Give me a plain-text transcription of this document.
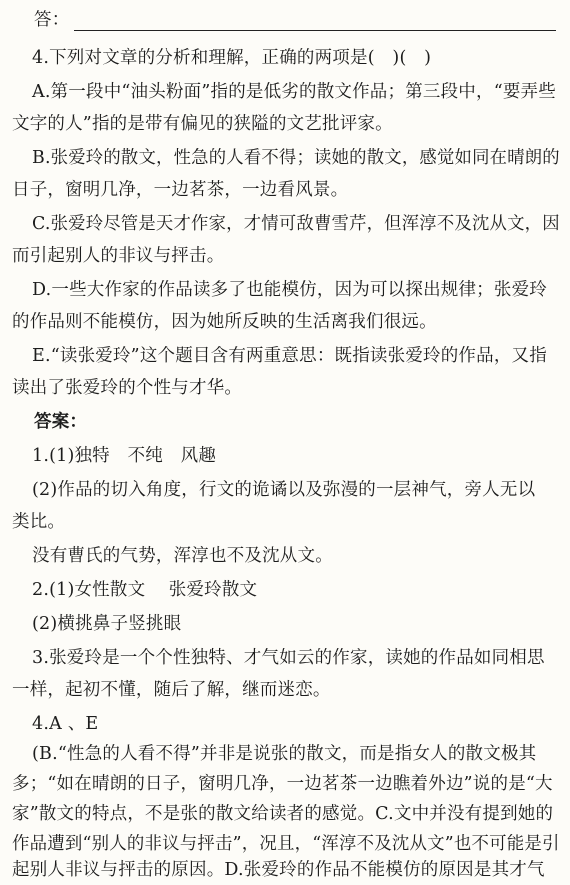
答：
4.下列对文章的分析和理解，正确的两项是(　)(　)
A.第一段中“油头粉面”指的是低劣的散文作品；第三段中，“要弄些
文字的人”指的是带有偏见的狭隘的文艺批评家。
B.张爱玲的散文，性急的人看不得；读她的散文，感觉如同在晴朗的
日子，窗明几净，一边茗茶，一边看风景。
C.张爱玲尽管是天才作家，才情可敌曹雪芹，但浑淳不及沈从文，因
而引起别人的非议与抨击。
D.一些大作家的作品读多了也能模仿，因为可以探出规律；张爱玲
的作品则不能模仿，因为她所反映的生活离我们很远。
E.“读张爱玲”这个题目含有两重意思：既指读张爱玲的作品，又指
读出了张爱玲的个性与才华。
答案：
1.(1)独特　不纯　风趣
(2)作品的切入角度，行文的诡谲以及弥漫的一层神气，旁人无以
类比。
没有曹氏的气势，浑淳也不及沈从文。
2.(1)女性散文　 张爱玲散文
(2)横挑鼻子竖挑眼
3.张爱玲是一个个性独特、才气如云的作家，读她的作品如同相思
一样，起初不懂，随后了解，继而迷恋。
4.A 、E
(B.“性急的人看不得”并非是说张的散文，而是指女人的散文极其
多；“如在晴朗的日子，窗明几净，一边茗茶一边瞧着外边”说的是“大
家”散文的特点，不是张的散文给读者的感觉。C.文中并没有提到她的
作品遭到“别人的非议与抨击”，况且，“浑淳不及沈从文”也不可能是引
起别人非议与抨击的原因。D.张爱玲的作品不能模仿的原因是其才气
